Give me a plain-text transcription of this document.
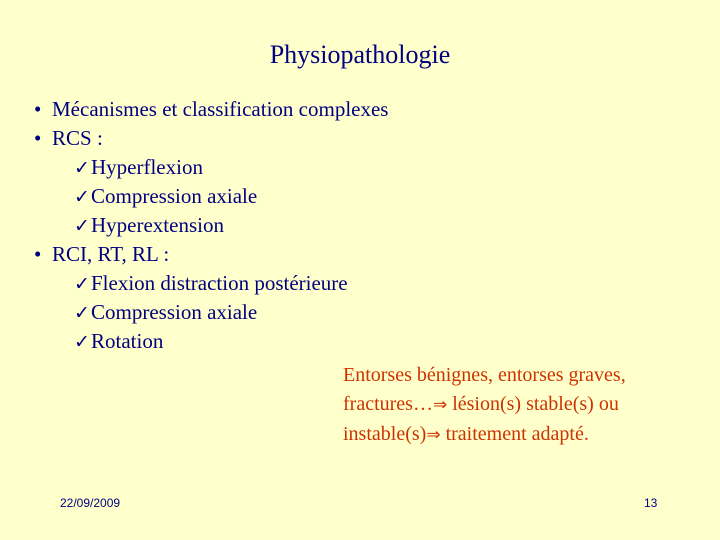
Physiopathologie
• Mécanismes et classification complexes
• RCS :
✓Hyperflexion
✓Compression axiale
✓Hyperextension
• RCI, RT, RL :
✓Flexion distraction postérieure
✓Compression axiale
✓Rotation
Entorses bénignes, entorses graves,
fractures…⇒ lésion(s) stable(s) ou
instable(s)⇒ traitement adapté.
22/09/2009	13
